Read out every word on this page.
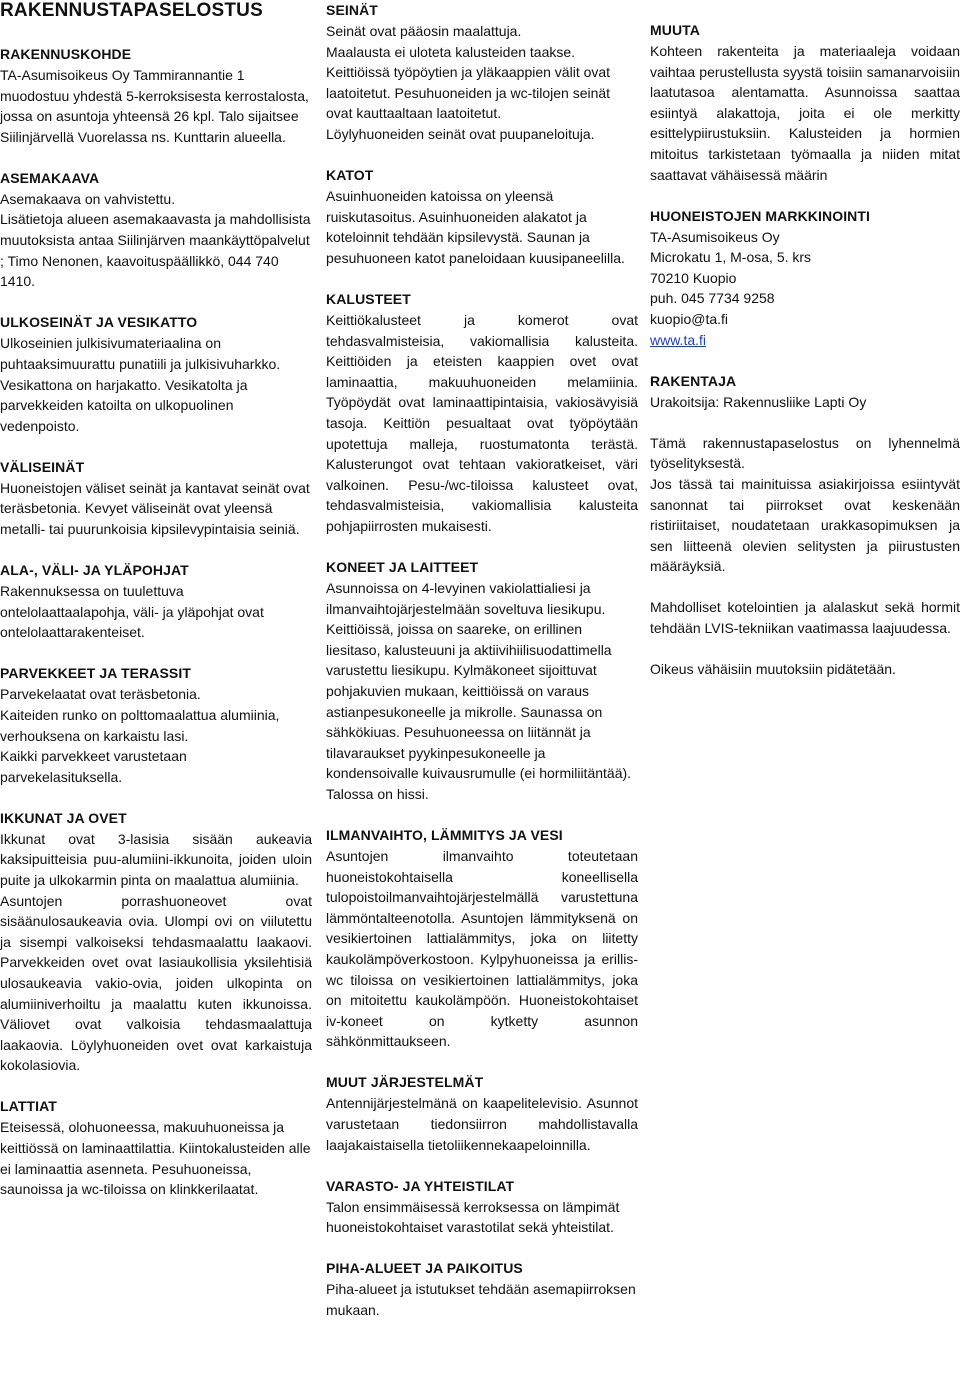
RAKENNUSTAPASELOSTUS
RAKENNUSKOHDE

TA-Asumisoikeus Oy Tammirannantie 1 muodostuu yhdestä 5-kerroksisesta kerrostalosta, jossa on asuntoja yhteensä 26 kpl. Talo sijaitsee Siilinjärvellä Vuorelassa ns. Kunttarin alueella.

ASEMAKAAVA

Asemakaava on vahvistettu.

Lisätietoja alueen asemakaavasta ja mahdollisista muutoksista antaa Siilinjärven maankäyttöpalvelut ; Timo Nenonen, kaavoituspäällikkö, 044 740 1410.

ULKOSEINÄT JA VESIKATTO

Ulkoseinien julkisivumateriaalina on puhtaaksimuurattu punatiili ja julkisivuharkko.

Vesikattona on harjakatto. Vesikatolta ja parvekkeiden katoilta on ulkopuolinen vedenpoisto.

VÄLISEINÄT

Huoneistojen väliset seinät ja kantavat seinät ovat teräsbetonia. Kevyet väliseinät ovat yleensä metalli- tai puurunkoisia kipsilevypintaisia seiniä.

ALA-, VÄLI- JA YLÄPOHJAT

Rakennuksessa on tuulettuva ontelolaattaalapohja, väli- ja yläpohjat ovat ontelolaattarakenteiset.

PARVEKKEET JA TERASSIT

Parvekelaatat ovat teräsbetonia.

Kaiteiden runko on polttomaalattua alumiinia, verhouksena on karkaistu lasi.

Kaikki parvekkeet varustetaan parvekelasituksella.

IKKUNAT JA OVET

Ikkunat ovat 3-lasisia sisään aukeavia kaksipuitteisia puu-alumiini-ikkunoita, joiden uloin puite ja ulkokarmin pinta on maalattua alumiinia.

Asuntojen porrashuoneovet ovat sisäänulosaukeavia ovia. Ulompi ovi on viilutettu ja sisempi valkoiseksi tehdasmaalattu laakaovi. Parvekkeiden ovet ovat lasiaukollisia yksilehtisiä ulosaukeavia vakio-ovia, joiden ulkopinta on alumiiniverhoiltu ja maalattu kuten ikkunoissa. Väliovet ovat valkoisia tehdasmaalattuja laakaovia. Löylyhuoneiden ovet ovat karkaistuja kokolasiovia.

LATTIAT

Eteisessä, olohuoneessa, makuuhuoneissa ja keittiössä on laminaattilattia. Kiintokalusteiden alle ei laminaattia asenneta. Pesuhuoneissa, saunoissa ja wc-tiloissa on klinkkerilaatat.

SEINÄT

Seinät ovat pääosin maalattuja.

Maalausta ei uloteta kalusteiden taakse.

Keittiöissä työpöytien ja yläkaappien välit ovat laatoitetut. Pesuhuoneiden ja wc-tilojen seinät ovat kauttaaltaan laatoitetut.

Löylyhuoneiden seinät ovat puupaneloituja.

KATOT

Asuinhuoneiden katoissa on yleensä ruiskutasoitus. Asuinhuoneiden alakatot ja koteloinnit tehdään kipsilevystä. Saunan ja pesuhuoneen katot paneloidaan kuusipaneelilla.

KALUSTEET

Keittiökalusteet ja komerot ovat tehdasvalmisteisia, vakiomallisia kalusteita. Keittiöiden ja eteisten kaappien ovet ovat laminaattia, makuuhuoneiden melamiinia. Työpöydät ovat laminaattipintaisia, vakiosävyisiä tasoja. Keittiön pesualtaat ovat työpöytään upotettuja malleja, ruostumatonta terästä. Kalusterungot ovat tehtaan vakioratkeiset, väri valkoinen. Pesu-/wc-tiloissa kalusteet ovat, tehdasvalmisteisia, vakiomallisia kalusteita pohjapiirrosten mukaisesti.

KONEET JA LAITTEET

Asunnoissa on 4-levyinen vakiolattialiesi ja ilmanvaihtojärjestelmään soveltuva liesikupu. Keittiöissä, joissa on saareke, on erillinen liesitaso, kalusteuuni ja aktiivihiilisuodattimella varustettu liesikupu. Kylmäkoneet sijoittuvat pohjakuvien mukaan, keittiöissä on varaus astianpesukoneelle ja mikrolle. Saunassa on sähkökiuas. Pesuhuoneessa on liitännät ja tilavaraukset pyykinpesukoneelle ja kondensoivalle kuivausrumulle (ei hormiliitäntää). Talossa on hissi.

ILMANVAIHTO, LÄMMITYS JA VESI

Asuntojen ilmanvaihto toteutetaan huoneistokohtaisella koneellisella tulopoistoilmanvaihtojärjestelmällä varustettuna lämmöntalteenotolla. Asuntojen lämmityksenä on vesikiertoinen lattialämmitys, joka on liitetty kaukolämpöverkostoon. Kylpyhuoneissa ja erillis-wc tiloissa on vesikiertoinen lattialämmitys, joka on mitoitettu kaukolämpöön. Huoneistokohtaiset iv-koneet on kytketty asunnon sähkönmittaukseen.

MUUT JÄRJESTELMÄT

Antennijärjestelmänä on kaapelitelevisio. Asunnot varustetaan tiedonsiirron mahdollistavalla laajakaistaisella tietoliikennekaapeloinnilla.

VARASTO- JA YHTEISTILAT

Talon ensimmäisessä kerroksessa on lämpimät huoneistokohtaiset varastotilat sekä yhteistilat.

PIHA-ALUEET JA PAIKOITUS

Piha-alueet ja istutukset tehdään asemapiirroksen mukaan.

MUUTA

Kohteen rakenteita ja materiaaleja voidaan vaihtaa perustellusta syystä toisiin samanarvoisiin laatutasoa alentamatta. Asunnoissa saattaa esiintyä alakattoja, joita ei ole merkitty esittelypiirustuksiin. Kalusteiden ja hormien mitoitus tarkistetaan työmaalla ja niiden mitat saattavat vähäisessä määrin

HUONEISTOJEN MARKKINOINTI

TA-Asumisoikeus Oy

Microkatu 1, M-osa, 5. krs

70210 Kuopio

puh. 045 7734 9258

kuopio@ta.fi

www.ta.fi

RAKENTAJA

Urakoitsija: Rakennusliike Lapti Oy

Tämä rakennustapaselostus on lyhennelmä työselityksestä.

Jos tässä tai mainituissa asiakirjoissa esiintyvät sanonnat tai piirrokset ovat keskenään ristiriitaiset, noudatetaan urakkasopimuksen ja sen liitteenä olevien selitysten ja piirustusten määräyksiä.

Mahdolliset kotelointien ja alalaskut sekä hormit tehdään LVIS-tekniikan vaatimassa laajuudessa.

Oikeus vähäisiin muutoksiin pidätetään.
